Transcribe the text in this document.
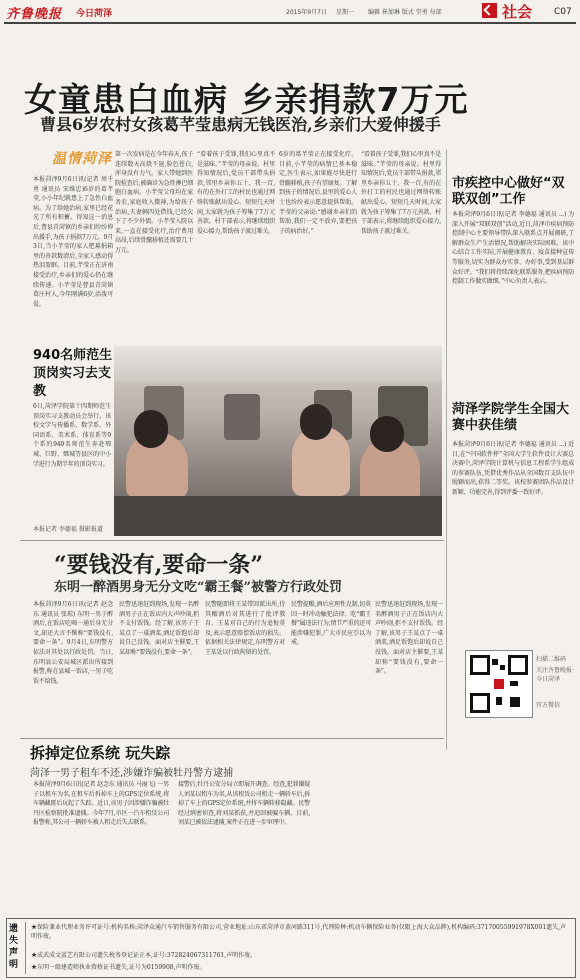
齐鲁晚报 今日菏泽	2015年9月7日 星期一 编辑 崔加琳 版式 堂勇 每部	社会 C07
女童患白血病 乡亲捐款7万元
曹县6岁农村女孩葛芊莹患病无钱医治,乡亲们大爱伸援手
温情菏泽
本报菏泽9月6日讯(记者 周千勇 通讯员 宋维忠)6岁的葛芊莹,小小年纪就患上了急性白血病。为了给她治病,家里已经花光了所有积蓄。得知这一消息后,曹县青菏镇的乡亲们纷纷伸出援手,为孩子捐款7万元。9月3日,当小芊莹的家人把募捐箱里的善款数清后,全家人感动得热泪盈眶。目前,芊莹正在济南接受治疗,乡亲们的爱心仍在继续传递。小芊莹是曹县青菏镇葛庄村人,今年刚满6岁,活泼可爱。
第一次发病是在今年春天,孩子连续数天高烧不退,脸色苍白,浑身没有力气。家人带她到医院检查后,被确诊为急性淋巴细胞白血病。小芊莹父母均在家务农,家庭收入微薄,为给孩子治病,夫妻俩四处借钱,已经欠下了不少外债。小芊莹入院以来,一直在接受化疗,治疗费用高昂,后续骨髓移植还需要几十万元。
“看着孩子受罪,我们心里真不是滋味。”芊莹的母亲说。村里得知情况后,党员干部带头捐款,邻里乡亲你五十、我一百,有的在外打工的村民也通过网络转账献出爱心。短短几天时间,大家就为孩子筹集了7万元善款。村干部表示,将继续组织爱心接力,帮助孩子渡过难关。
6岁的葛芊莹正在接受化疗。目前,小芊莹的病情已基本稳定,医生表示,如果能尽快进行骨髓移植,孩子有望康复。了解到孩子的情况后,县里的爱心人士也纷纷表示愿意提供帮助。芊莹的父亲说:“感谢乡亲们的帮助,我们一定不放弃,要把孩子的病治好。”
“看着孩子受罪,我们心里真不是滋味。”芊莹的母亲说。村里得知情况后,党员干部带头捐款,邻里乡亲你五十、我一百,有的在外打工的村民也通过网络转账献出爱心。短短几天时间,大家就为孩子筹集了7万元善款。村干部表示,将继续组织爱心接力,帮助孩子渡过难关。
市疾控中心做好“双联双创”工作
本报菏泽9月6日讯(记者 李德福 通讯员 ...) 为深入开展“双联双创”活动,近日,菏泽市疾病预防控制中心主要领导带队深入联系点开展调研,了解群众生产生活情况,帮助解决实际困难。该中心结合工作实际,开展健康教育、疫苗接种宣传等服务,切实为群众办实事、办好事,受到基层群众好评。“我们将持续深化联系服务,把疾病预防控制工作做实做细。”中心负责人表示。
菏泽学院学生全国大赛中获佳绩
本报菏泽9月6日讯(记者 李德福 通讯员 ...) 近日,在“中国软件杯”全国大学生软件设计大赛总决赛中,菏泽学院计算机与信息工程系学生组成的参赛队伍,凭借优秀作品从全国数百支队伍中脱颖而出,获得二等奖。该校参赛团队作品设计新颖、功能完善,得到评委一致好评。
扫描二维码
关注齐鲁晚报·今日菏泽
官方微信
940名师范生顶岗实习去支教
6日,菏泽学院第十四期师范生顶岗实习支教动员会举行。该校文学与传播系、数学系、外国语系、美术系、体育系等9个系的940名师范生奔赴郓城、巨野、鄄城等县区的中小学进行为期半年的顶岗实习。
本报记者 李德福 摄影报道
“要钱没有,要命一条”
东明一醉酒男身无分文吃“霸王餐”被警方行政处罚
本报菏泽9月6日讯(记者 赵念东 通讯员 张琼) 东明一男子醉酒后,在饭店吃喝一通后身无分文,却还大言不惭称“要钱没有,要命一条”。9月4日,东明警方依法对其处以行政处罚。当日,东明县公安局城区派出所接到报警,称在县城一饭店,一男子吃饭不给钱。
民警迅速赶到现场,发现一名醉酒男子正在饭店内大声吵闹,拒不支付饭钱。经了解,该男子王某点了一桌酒菜,酒足饭饱后却说自己没钱。面对店主催要,王某却称“要钱没有,要命一条”。
民警随即将王某带回派出所,待其醒酒后对其进行了批评教育。王某对自己的行为追悔莫及,表示愿意赔偿饭店的损失。依据相关法律规定,东明警方对王某处以行政拘留的处罚。
民警提醒,酒后应理性克制,切莫因一时冲动触犯法律。吃“霸王餐”属违法行为,情节严重的还可能涉嫌犯罪,广大市民应引以为戒。
民警迅速赶到现场,发现一名醉酒男子正在饭店内大声吵闹,拒不支付饭钱。经了解,该男子王某点了一桌酒菜,酒足饭饱后却说自己没钱。面对店主催要,王某却称“要钱没有,要命一条”。
拆掉定位系统 玩失踪
菏泽一男子租车不还,涉嫌诈骗被牡丹警方逮捕
本报菏泽9月6日讯(记者 赵念东 通讯员 马丽飞) 一男子以租车为名,在租车后拆掉车上的GPS定位系统,将车辆藏匿后玩起了失踪。近日,该男子因涉嫌诈骗被牡丹区检察院批准逮捕。今年7月,市区一汽车租赁公司报警称,其公司一辆轿车被人租走后失去联系。
接警后,牡丹公安分局立即展开调查。经查,犯罪嫌疑人刘某以租车为名,从该租赁公司租走一辆轿车后,拆掉了车上的GPS定位系统,并将车辆转移隐藏。民警经过缜密侦查,将刘某抓获,并追回被骗车辆。目前,刘某已被依法逮捕,案件正在进一步审理中。
遗失声明
★保险兼业代理业务许可证号:机构名称:菏泽众通汽车销售服务有限公司,营业地址:山东省菏泽市黄河路311号,代理险种:机动车辆保险业务(仅限上海大众品牌),机构编码:37170055991978X001遗失,声明作废。
★成武成文蛋艺有限公司遗失税务登记证正本,证号:372824067311761,声明作废。
★东明一级建造师执业资格证书遗失,证号为0159908,声明作废。
